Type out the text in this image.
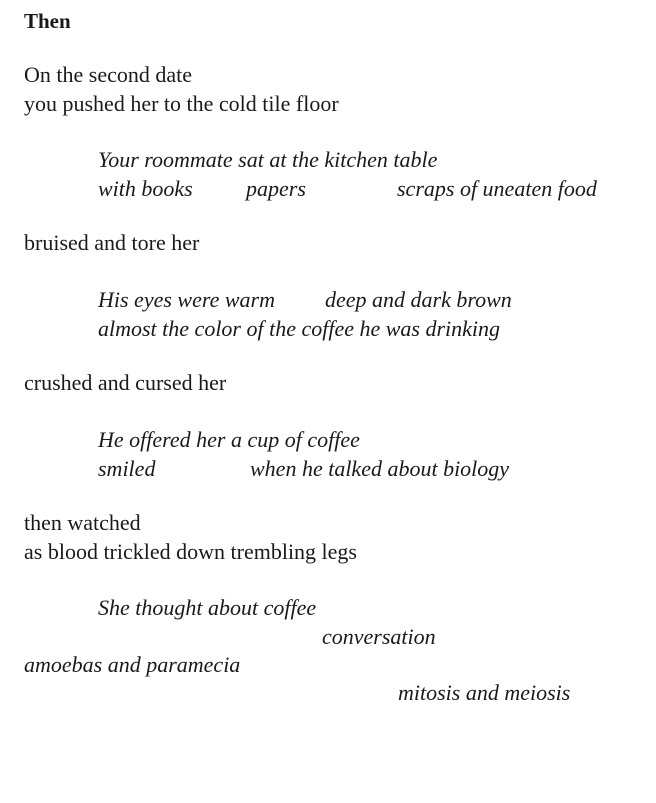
Then
On the second date
you pushed her to the cold tile floor
Your roommate sat at the kitchen table
with books papers	scraps of uneaten food
bruised and tore her
His eyes were warm deep and dark brown
almost the color of the coffee he was drinking
crushed and cursed her
He offered her a cup of coffee
smiled	when he talked about biology
then watched
as blood trickled down trembling legs
She thought about coffee
conversation
amoebas and paramecia
mitosis and meiosis
